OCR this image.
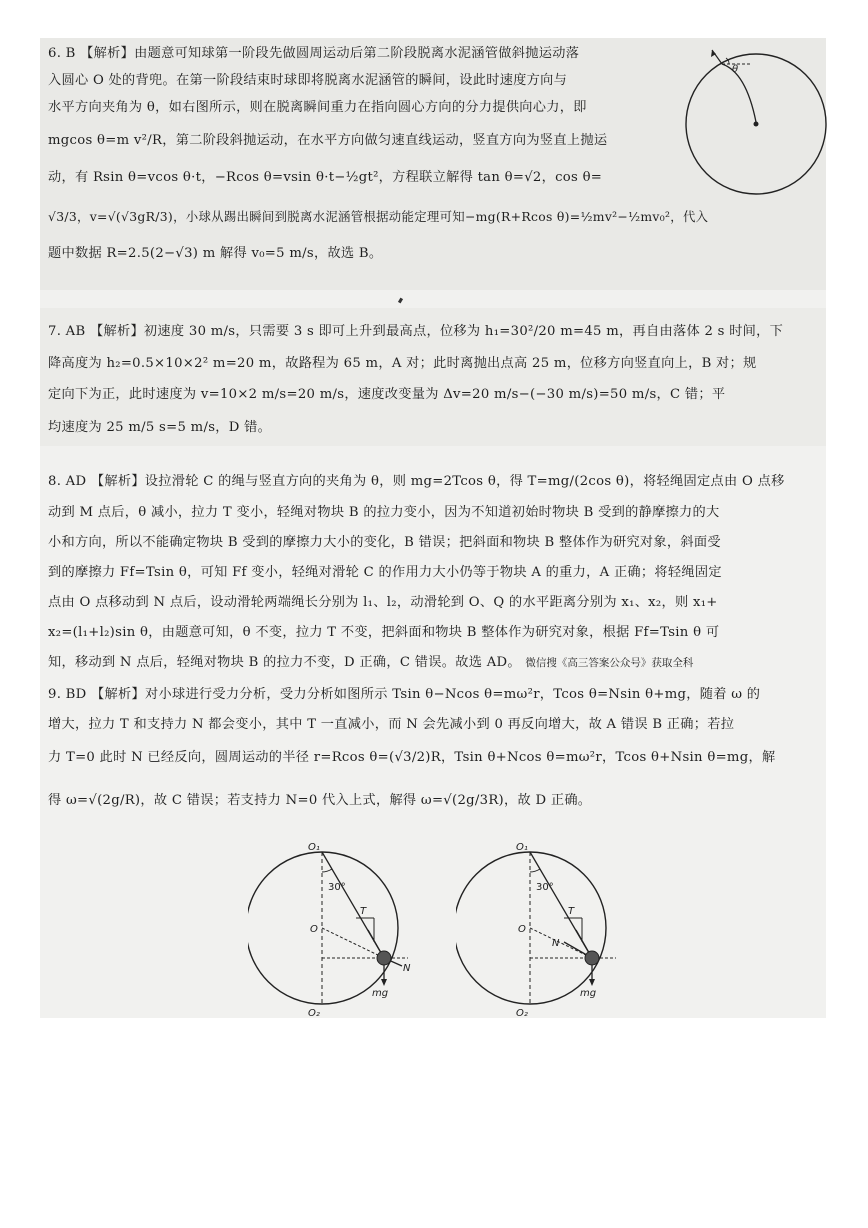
6. B 【解析】由题意可知球第一阶段先做圆周运动后第二阶段脱离水泥涵管做斜抛运动落

入圆心 O 处的背兜。在第一阶段结束时球即将脱离水泥涵管的瞬间，设此时速度方向与

水平方向夹角为 θ，如右图所示，则在脱离瞬间重力在指向圆心方向的分力提供向心力，即

mgcos θ=m v²/R，第二阶段斜抛运动，在水平方向做匀速直线运动，竖直方向为竖直上抛运

动，有 Rsin θ=vcos θ·t，−Rcos θ=vsin θ·t−½gt²，方程联立解得 tan θ=√2，cos θ=

√3/3，v=√(√3gR/3)，小球从踢出瞬间到脱离水泥涵管根据动能定理可知−mg(R+Rcos θ)=½mv²−½mv₀²，代入

题中数据 R=2.5(2−√3) m 解得 v₀=5 m/s，故选 B。

θ

7. AB 【解析】初速度 30 m/s，只需要 3 s 即可上升到最高点，位移为 h₁=30²/20 m=45 m，再自由落体 2 s 时间，下

降高度为 h₂=0.5×10×2² m=20 m，故路程为 65 m，A 对；此时离抛出点高 25 m，位移方向竖直向上，B 对；规

定向下为正，此时速度为 v=10×2 m/s=20 m/s，速度改变量为 Δv=20 m/s−(−30 m/s)=50 m/s，C 错；平

均速度为 25 m/5 s=5 m/s，D 错。

8. AD 【解析】设拉滑轮 C 的绳与竖直方向的夹角为 θ，则 mg=2Tcos θ，得 T=mg/(2cos θ)，将轻绳固定点由 O 点移

动到 M 点后，θ 减小，拉力 T 变小，轻绳对物块 B 的拉力变小，因为不知道初始时物块 B 受到的静摩擦力的大

小和方向，所以不能确定物块 B 受到的摩擦力大小的变化，B 错误；把斜面和物块 B 整体作为研究对象，斜面受

到的摩擦力 Ff=Tsin θ，可知 Ff 变小，轻绳对滑轮 C 的作用力大小仍等于物块 A 的重力，A 正确；将轻绳固定

点由 O 点移动到 N 点后，设动滑轮两端绳长分别为 l₁、l₂，动滑轮到 O、Q 的水平距离分别为 x₁、x₂，则 x₁+

x₂=(l₁+l₂)sin θ，由题意可知，θ 不变，拉力 T 不变，把斜面和物块 B 整体作为研究对象，根据 Ff=Tsin θ 可

知，移动到 N 点后，轻绳对物块 B 的拉力不变，D 正确，C 错误。故选 AD。 微信搜《高三答案公众号》获取全科

9. BD 【解析】对小球进行受力分析，受力分析如图所示 Tsin θ−Ncos θ=mω²r，Tcos θ=Nsin θ+mg，随着 ω 的

增大，拉力 T 和支持力 N 都会变小，其中 T 一直减小，而 N 会先减小到 0 再反向增大，故 A 错误 B 正确；若拉

力 T=0 此时 N 已经反向，圆周运动的半径 r=Rcos θ=(√3/2)R，Tsin θ+Ncos θ=mω²r，Tcos θ+Nsin θ=mg，解

得 ω=√(2g/R)，故 C 错误；若支持力 N=0 代入上式，解得 ω=√(2g/3R)，故 D 正确。

O₁
O
O₂
30°
T
N
mg
O₁
O
O₂
30°
T
N
mg
